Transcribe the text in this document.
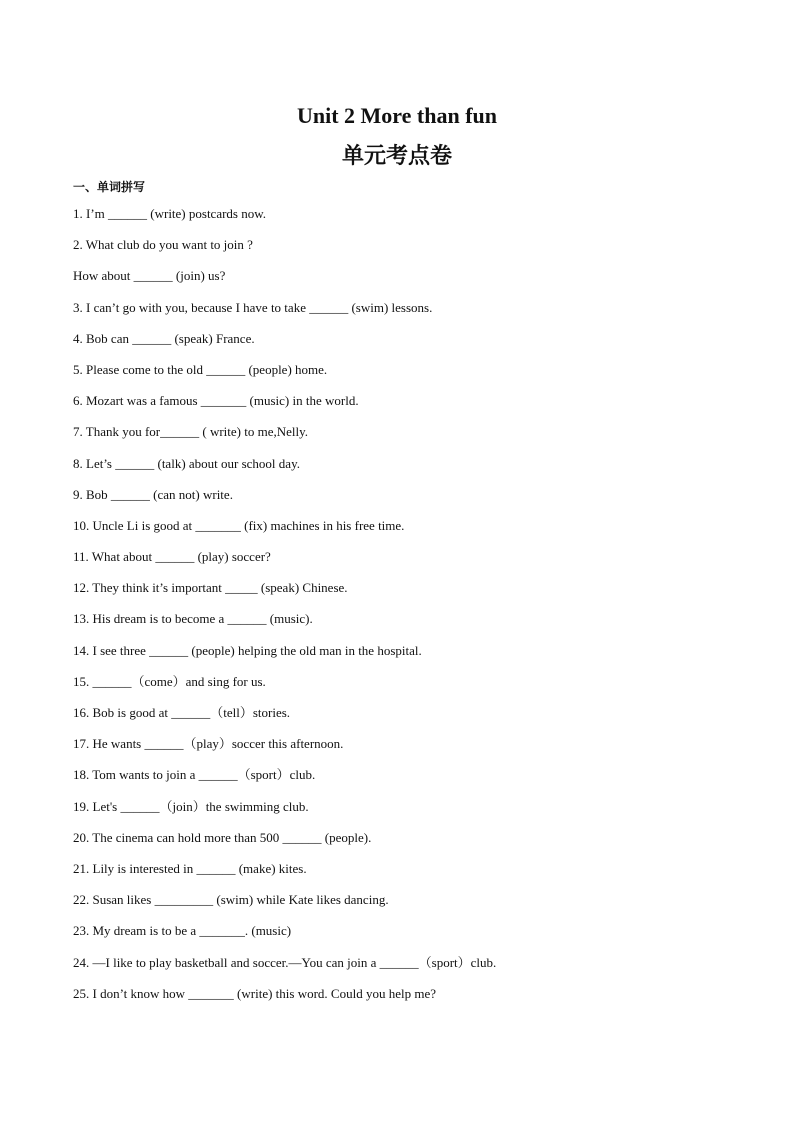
Unit 2 More than fun
单元考点卷
一、单词拼写
1. I’m ______ (write) postcards now.
2. What club do you want to join ?
How about ______ (join) us?
3. I can’t go with you, because I have to take ______ (swim) lessons.
4. Bob can ______ (speak) France.
5. Please come to the old ______ (people) home.
6. Mozart was a famous _______ (music) in the world.
7. Thank you for______ ( write) to me,Nelly.
8. Let’s ______ (talk) about our school day.
9. Bob ______ (can not) write.
10. Uncle Li is good at _______ (fix) machines in his free time.
11. What about ______ (play) soccer?
12. They think it’s important _____ (speak) Chinese.
13. His dream is to become a ______ (music).
14. I see three ______ (people) helping the old man in the hospital.
15. ______（come）and sing for us.
16. Bob is good at ______（tell）stories.
17. He wants ______（play）soccer this afternoon.
18. Tom wants to join a ______（sport）club.
19. Let's ______（join）the swimming club.
20. The cinema can hold more than 500 ______ (people).
21. Lily is interested in ______ (make) kites.
22. Susan likes _________ (swim) while Kate likes dancing.
23. My dream is to be a _______. (music)
24. —I like to play basketball and soccer.—You can join a ______（sport）club.
25. I don’t know how _______ (write) this word. Could you help me?
